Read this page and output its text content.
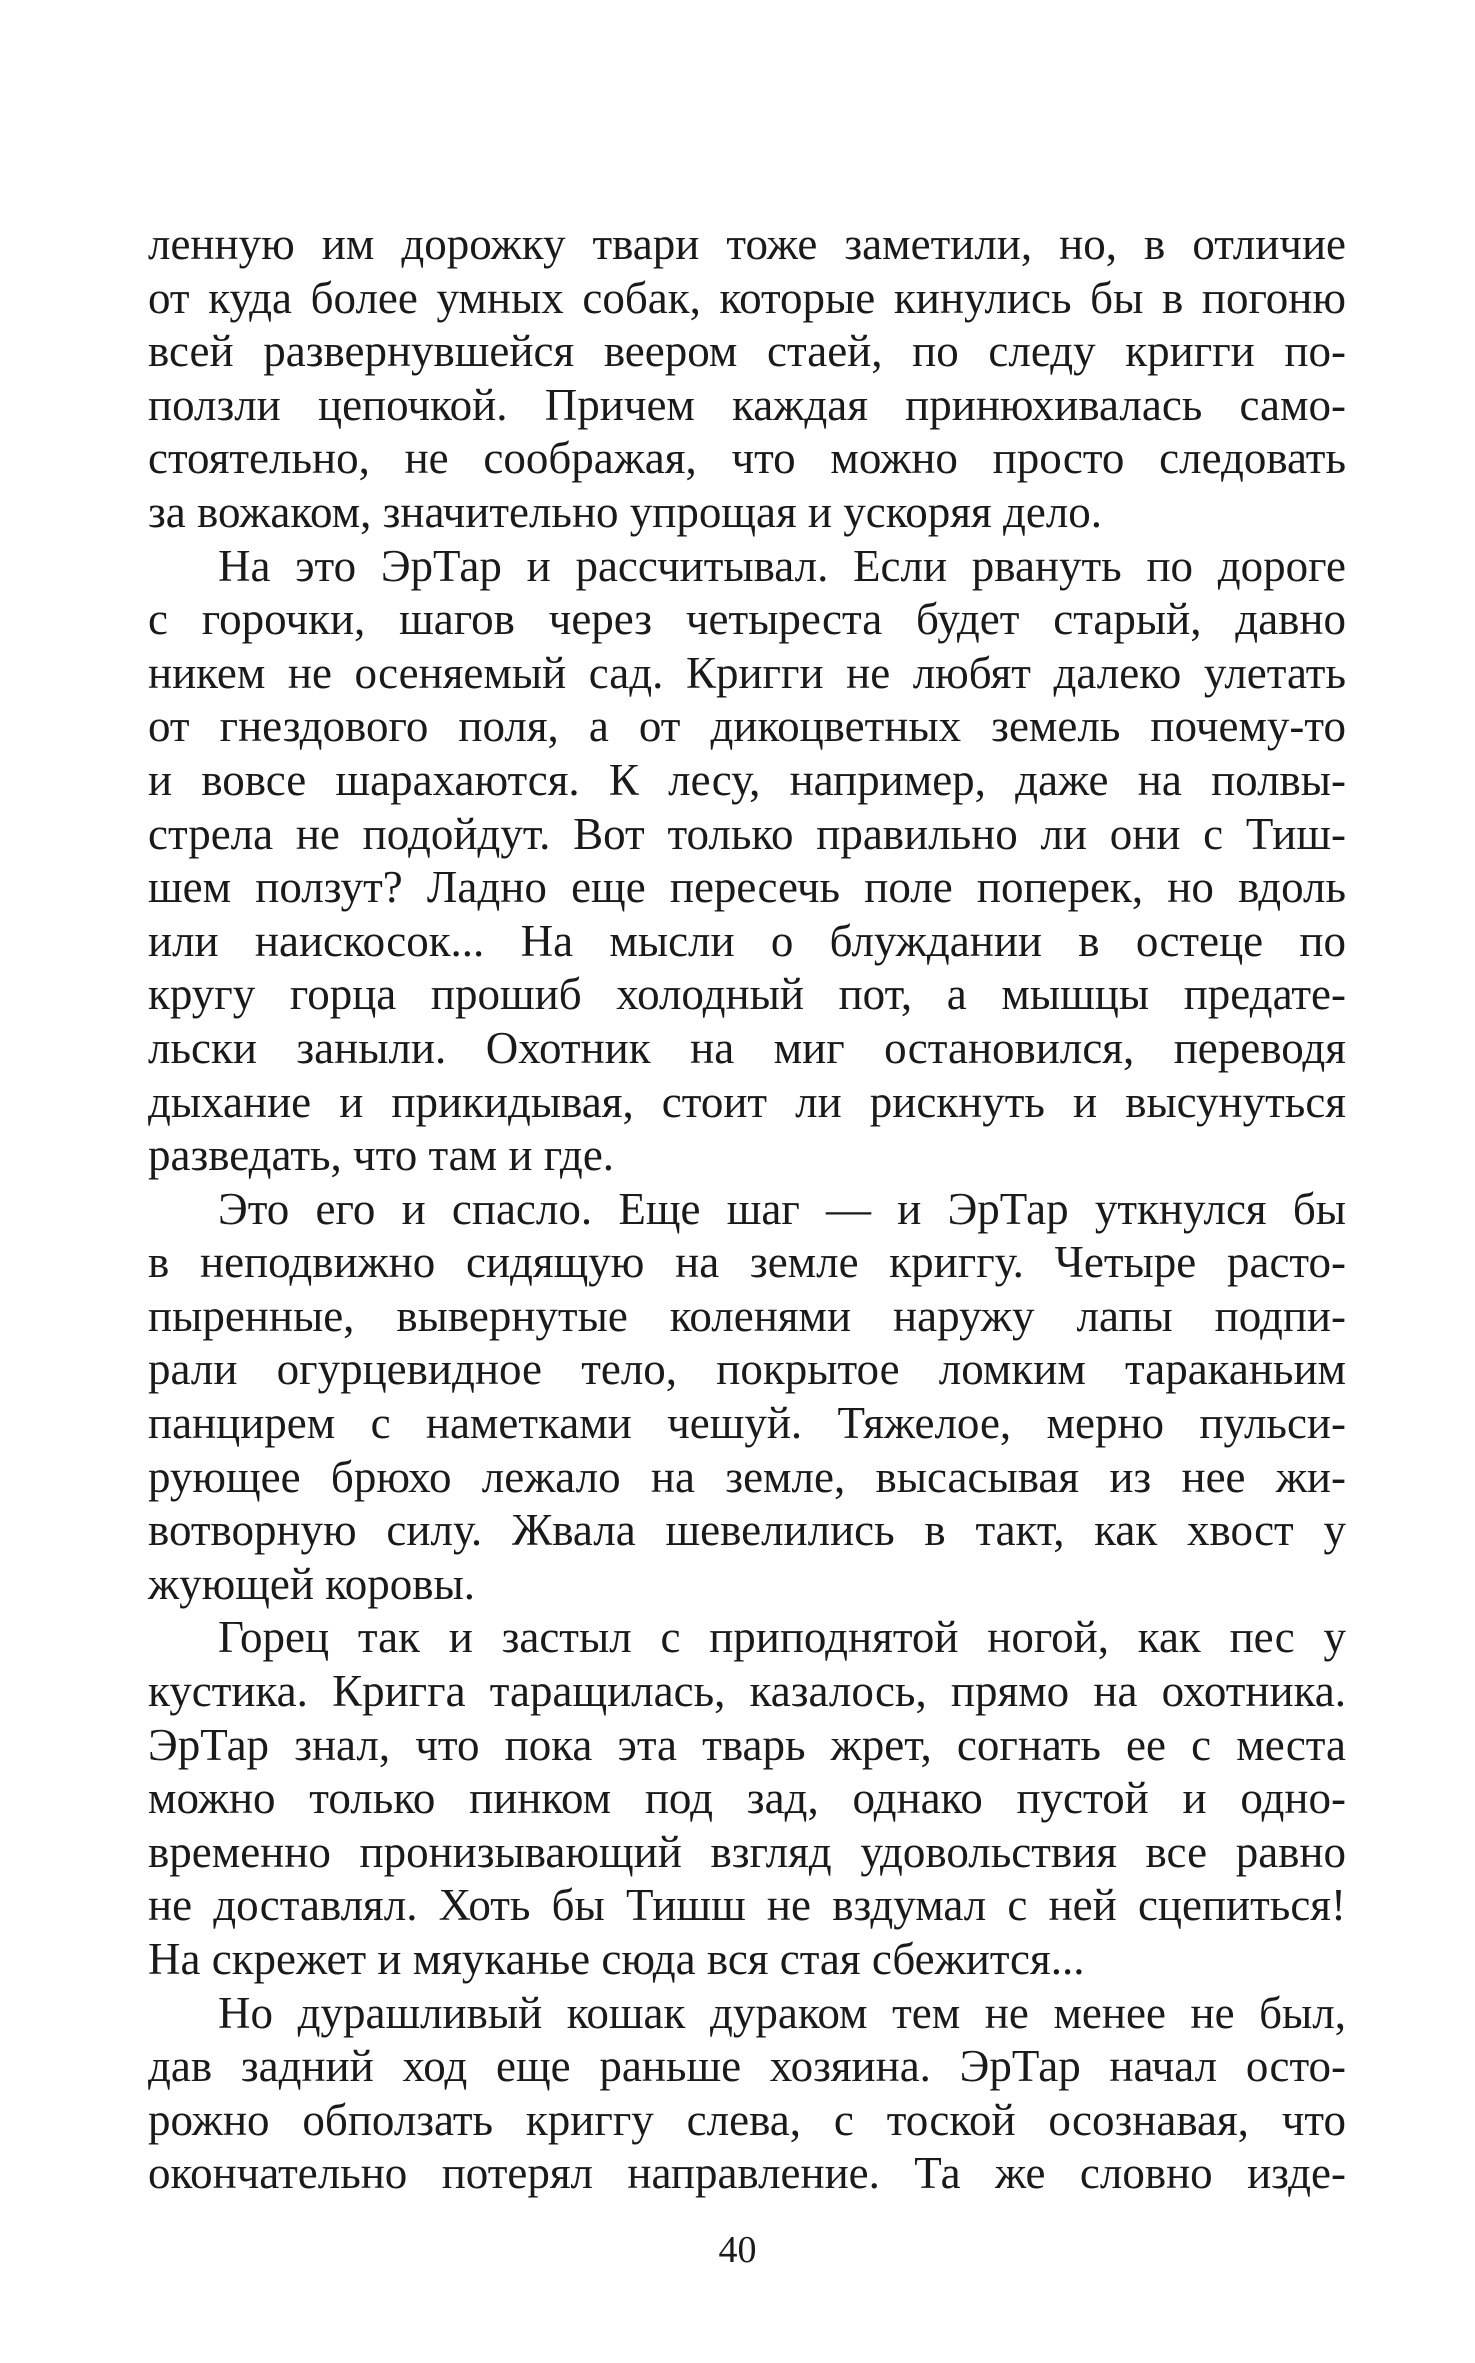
ленную им дорожку твари тоже заметили, но, в отличие
от куда более умных собак, которые кинулись бы в погоню
всей развернувшейся веером стаей, по следу кригги по-
ползли цепочкой. Причем каждая принюхивалась само-
стоятельно, не соображая, что можно просто следовать
за вожаком, значительно упрощая и ускоряя дело.
На это ЭрТар и рассчитывал. Если рвануть по дороге
с горочки, шагов через четыреста будет старый, давно
никем не осеняемый сад. Кригги не любят далеко улетать
от гнездового поля, а от дикоцветных земель почему-то
и вовсе шарахаются. К лесу, например, даже на полвы-
стрела не подойдут. Вот только правильно ли они с Тиш-
шем ползут? Ладно еще пересечь поле поперек, но вдоль
или наискосок... На мысли о блуждании в остеце по
кругу горца прошиб холодный пот, а мышцы предате-
льски заныли. Охотник на миг остановился, переводя
дыхание и прикидывая, стоит ли рискнуть и высунуться
разведать, что там и где.
Это его и спасло. Еще шаг — и ЭрТар уткнулся бы
в неподвижно сидящую на земле криггу. Четыре расто-
пыренные, вывернутые коленями наружу лапы подпи-
рали огурцевидное тело, покрытое ломким тараканьим
панцирем с наметками чешуй. Тяжелое, мерно пульси-
рующее брюхо лежало на земле, высасывая из нее жи-
вотворную силу. Жвала шевелились в такт, как хвост у
жующей коровы.
Горец так и застыл с приподнятой ногой, как пес у
кустика. Кригга таращилась, казалось, прямо на охотника.
ЭрТар знал, что пока эта тварь жрет, согнать ее с места
можно только пинком под зад, однако пустой и одно-
временно пронизывающий взгляд удовольствия все равно
не доставлял. Хоть бы Тишш не вздумал с ней сцепиться!
На скрежет и мяуканье сюда вся стая сбежится...
Но дурашливый кошак дураком тем не менее не был,
дав задний ход еще раньше хозяина. ЭрТар начал осто-
рожно обползать криггу слева, с тоской осознавая, что
окончательно потерял направление. Та же словно изде-
40
